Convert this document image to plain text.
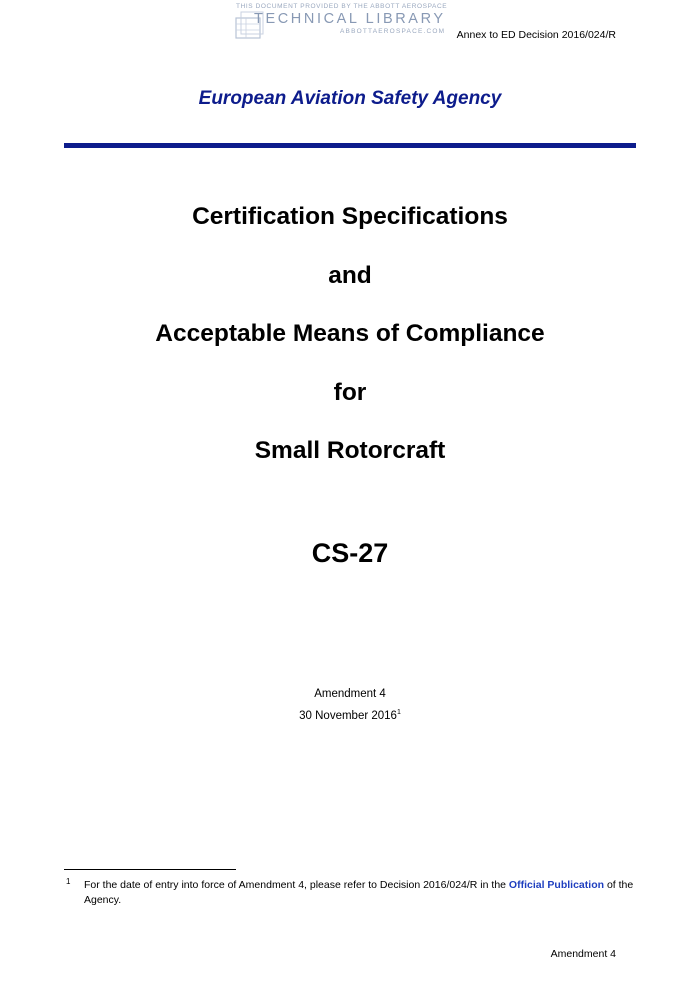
THIS DOCUMENT PROVIDED BY THE ABBOTT AEROSPACE
TECHNICAL LIBRARY
ABBOTTAEROSPACE.COM	Annex to ED Decision 2016/024/R
European Aviation Safety Agency
Certification Specifications
and
Acceptable Means of Compliance
for
Small Rotorcraft
CS-27
Amendment 4
30 November 2016$^1$
1 For the date of entry into force of Amendment 4, please refer to Decision 2016/024/R in the Official Publication of the Agency.
Amendment 4
